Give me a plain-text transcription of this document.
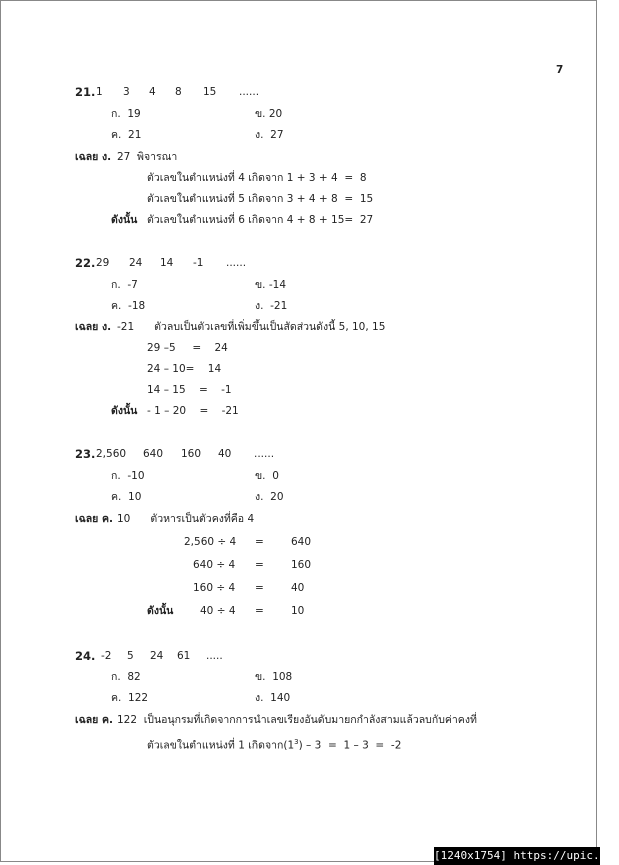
7
21. 1 3 4 8 15 ......
ก.  19	ข. 20
ค.  21	ง.  27
เฉลย ง. 27  พิจารณา
ตัวเลขในตำแหน่งที่ 4 เกิดจาก 1 + 3 + 4  =  8
ตัวเลขในตำแหน่งที่ 5 เกิดจาก 3 + 4 + 8  =  15
ดังนั้น ตัวเลขในตำแหน่งที่ 6 เกิดจาก 4 + 8 + 15=  27
22. 29 24 14 -1 ......
ก.  -7	ข. -14
ค.  -18	ง.  -21
เฉลย ง. -21      ตัวลบเป็นตัวเลขที่เพิ่มขึ้นเป็นสัดส่วนดังนี้ 5, 10, 15
29 –5     =    24
24 – 10=    14
14 – 15    =    -1
ดังนั้น - 1 – 20    =    -21
23. 2,560 640 160 40 ......
ก.  -10	ข.  0
ค.  10	ง.  20
เฉลย ค. 10      ตัวหารเป็นตัวคงที่คือ 4
2,560 ÷ 4 =	640
640 ÷ 4 =	160
160 ÷ 4 =	40
ดังนั้น	40 ÷ 4 =	10
24. -2 5 24 61 .....
ก.  82	ข.  108
ค.  122	ง.  140
เฉลย ค. 122  เป็นอนุกรมที่เกิดจากการนำเลขเรียงอันดับมายกกำลังสามแล้วลบกับค่าคงที่
ตัวเลขในตำแหน่งที่ 1 เกิดจาก$(1^3) - 3 = 1 - 3 = -2$
[1240x1754] https://upic.me/
